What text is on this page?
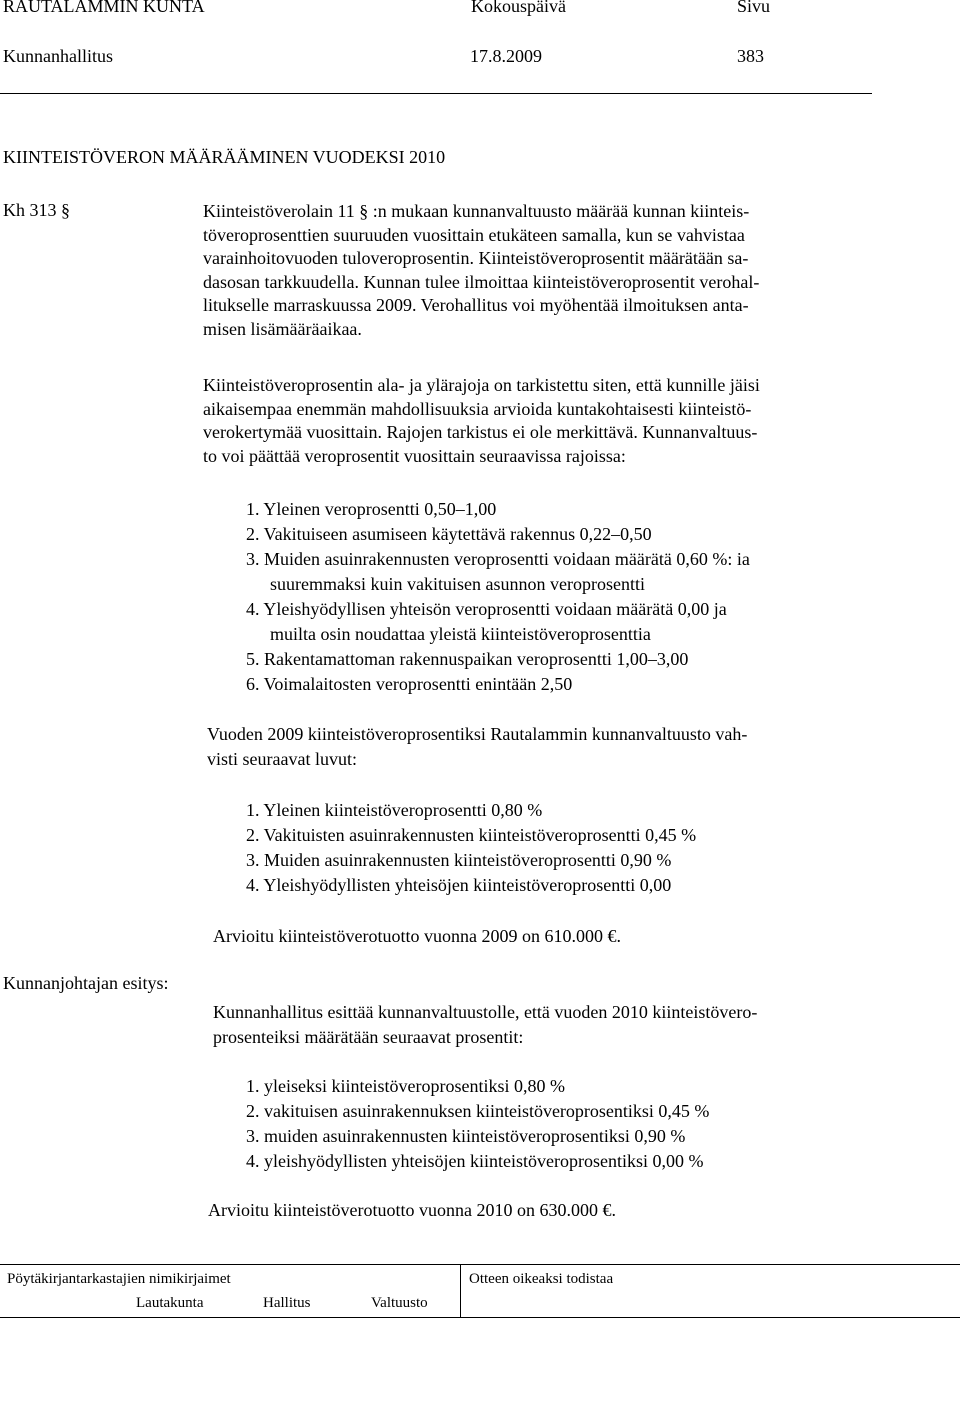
RAUTALAMMIN KUNTA	Kokouspäivä	Sivu
Kunnanhallitus	17.8.2009	383
KIINTEISTÖVERON MÄÄRÄÄMINEN VUODEKSI 2010
Kh 313 §	Kiinteistöverolain 11 § :n mukaan kunnanvaltuusto määrää kunnan kiinteis-
töveroprosenttien suuruuden vuosittain etukäteen samalla, kun se vahvistaa
varainhoitovuoden tuloveroprosentin. Kiinteistöveroprosentit määrätään sa-
dasosan tarkkuudella. Kunnan tulee ilmoittaa kiinteistöveroprosentit verohal-
litukselle marraskuussa 2009. Verohallitus voi myöhentää ilmoituksen anta-
misen lisämääräaikaa.
Kiinteistöveroprosentin ala- ja ylärajoja on tarkistettu siten, että kunnille jäisi
aikaisempaa enemmän mahdollisuuksia arvioida kuntakohtaisesti kiinteistö-
verokertymää vuosittain. Rajojen tarkistus ei ole merkittävä. Kunnanvaltuus-
to voi päättää veroprosentit vuosittain seuraavissa rajoissa:
1. Yleinen veroprosentti 0,50–1,00
2. Vakituiseen asumiseen käytettävä rakennus 0,22–0,50
3. Muiden asuinrakennusten veroprosentti voidaan määrätä 0,60 %: ia
suuremmaksi kuin vakituisen asunnon veroprosentti
4. Yleishyödyllisen yhteisön veroprosentti voidaan määrätä 0,00 ja
muilta osin noudattaa yleistä kiinteistöveroprosenttia
5. Rakentamattoman rakennuspaikan veroprosentti 1,00–3,00
6. Voimalaitosten veroprosentti enintään 2,50
Vuoden 2009 kiinteistöveroprosentiksi Rautalammin kunnanvaltuusto vah-
visti seuraavat luvut:
1. Yleinen kiinteistöveroprosentti 0,80 %
2. Vakituisten asuinrakennusten kiinteistöveroprosentti 0,45 %
3. Muiden asuinrakennusten kiinteistöveroprosentti 0,90 %
4. Yleishyödyllisten yhteisöjen kiinteistöveroprosentti 0,00
Arvioitu kiinteistöverotuotto vuonna 2009 on 610.000 €.
Kunnanjohtajan esitys:
Kunnanhallitus esittää kunnanvaltuustolle, että vuoden 2010 kiinteistövero-
prosenteiksi määrätään seuraavat prosentit:
1. yleiseksi kiinteistöveroprosentiksi 0,80 %
2. vakituisen asuinrakennuksen kiinteistöveroprosentiksi 0,45 %
3. muiden asuinrakennusten kiinteistöveroprosentiksi 0,90 %
4. yleishyödyllisten yhteisöjen kiinteistöveroprosentiksi 0,00 %
Arvioitu kiinteistöverotuotto vuonna 2010 on 630.000 €.
Pöytäkirjantarkastajien nimikirjaimet	Otteen oikeaksi todistaa
Lautakunta	Hallitus	Valtuusto
